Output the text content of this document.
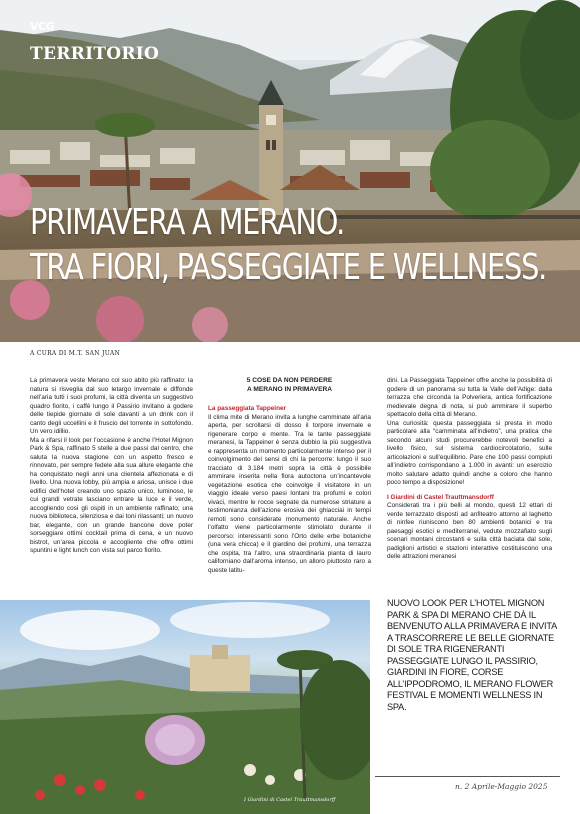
VCG
TERRITORIO
PRIMAVERA A MERANO.
TRA FIORI, PASSEGGIATE E WELLNESS.
A CURA DI M.T. SAN JUAN

La primavera veste Merano col suo abito più raffinato: la natura si risveglia dal suo letargo invernale e diffonde nell’aria tutti i suoi profumi, la città diventa un suggestivo quadro fiorito, i caffè lungo il Passirio invitano a godere delle tiepide giornate di sole davanti a un drink con il canto degli uccellini e il fruscio del torrente in sottofondo. Un vero idillio.

Ma a rifarsi il look per l’occasione è anche l’Hotel Mignon Park & Spa, raffinato 5 stelle a due passi dal centro, che saluta la nuova stagione con un aspetto fresco e rinnovato, per sempre fedele alla sua allure elegante che ha conquistato negli anni una clientela affezionata e di livello. Una nuova lobby, più ampia e ariosa, unisce i due edifici dell’hotel creando uno spazio unico, luminoso, le cui grandi vetrate lasciano entrare la luce e il verde, accogliendo così gli ospiti in un ambiente raffinato; una nuova biblioteca, silenziosa e dai toni rilassanti; un nuovo bar, elegante, con un grande bancone dove poter sorseggiare ottimi cocktail prima di cena, e un nuovo bistrot, un’area piccola e accogliente che offre ottimi spuntini e light lunch con vista sul parco fiorito.

5 COSE DA NON PERDERE
A MERANO IN PRIMAVERA

La passeggiata Tappeiner

Il clima mite di Merano invita a lunghe camminate all’aria aperta, per scrollarsi di dosso il torpore invernale e rigenerare corpo e mente. Tra le tante passeggiate meranesi, la Tappeiner è senza dubbio la più suggestiva e rappresenta un momento particolarmente intenso per il coinvolgimento dei sensi di chi la percorre: lungo il suo tracciato di 3.184 metri sopra la città è possibile ammirare inserita nella flora autoctona un’incantevole vegetazione esotica che coinvolge il visitatore in un viaggio ideale verso paesi lontani tra profumi e colori vivaci, mentre le rocce segnate da numerose striature a testimonianza dell’azione erosiva dei ghiacciai in tempi remoti sono considerate monumento naturale. Anche l’olfatto viene particolarmente stimolato durante il percorso: interessanti sono l’Orto delle erbe botaniche (una vera chicca) e il giardino dei profumi, una terrazza che ospita, tra l’altro, una straordinaria pianta di lauro californiano dall’aroma intenso, un alloro piuttosto raro a queste latitu-

dini. La Passeggiata Tappeiner offre anche la possibilità di godere di un panorama su tutta la Valle dell’Adige: dalla terrazza che circonda la Polveriera, antica fortificazione medievale degna di nota, si può ammirare il superbo spettacolo della città di Merano.

Una curiosità: questa passeggiata si presta in modo particolare alla “camminata all’indietro”, una pratica che secondo alcuni studi procurerebbe notevoli benefici a livello fisico, sul sistema cardiocircolatorio, sulle articolazioni e sull’equilibrio. Pare che 100 passi compiuti all’indietro corrispondano a 1.000 in avanti: un esercizio molto salutare adatto quindi anche a coloro che hanno poco tempo a disposizione!

I Giardini di Castel Trauttmansdorff

Considerati tra i più belli al mondo, questi 12 ettari di verde terrazzato disposti ad anfiteatro attorno al laghetto di ninfee riuniscono ben 80 ambienti botanici e tra paesaggi esotici e mediterranei, vedute mozzafiato sugli scenari montani circostanti e sulla città baciata dal sole, padiglioni artistici e stazioni interattive costituiscono una delle attrazioni meranesi

I Giardini di Castel Trauttmansdorff
NUOVO LOOK PER L’HOTEL MIGNON PARK & SPA DI MERANO CHE DÀ IL BENVENUTO ALLA PRIMAVERA E INVITA A TRASCORRERE LE BELLE GIORNATE DI SOLE TRA RIGENERANTI PASSEGGIATE LUNGO IL PASSIRIO, GIARDINI IN FIORE, CORSE ALL’IPPODROMO, IL MERANO FLOWER FESTIVAL E MOMENTI WELLNESS IN SPA.
n. 2 Aprile-Maggio 2025
